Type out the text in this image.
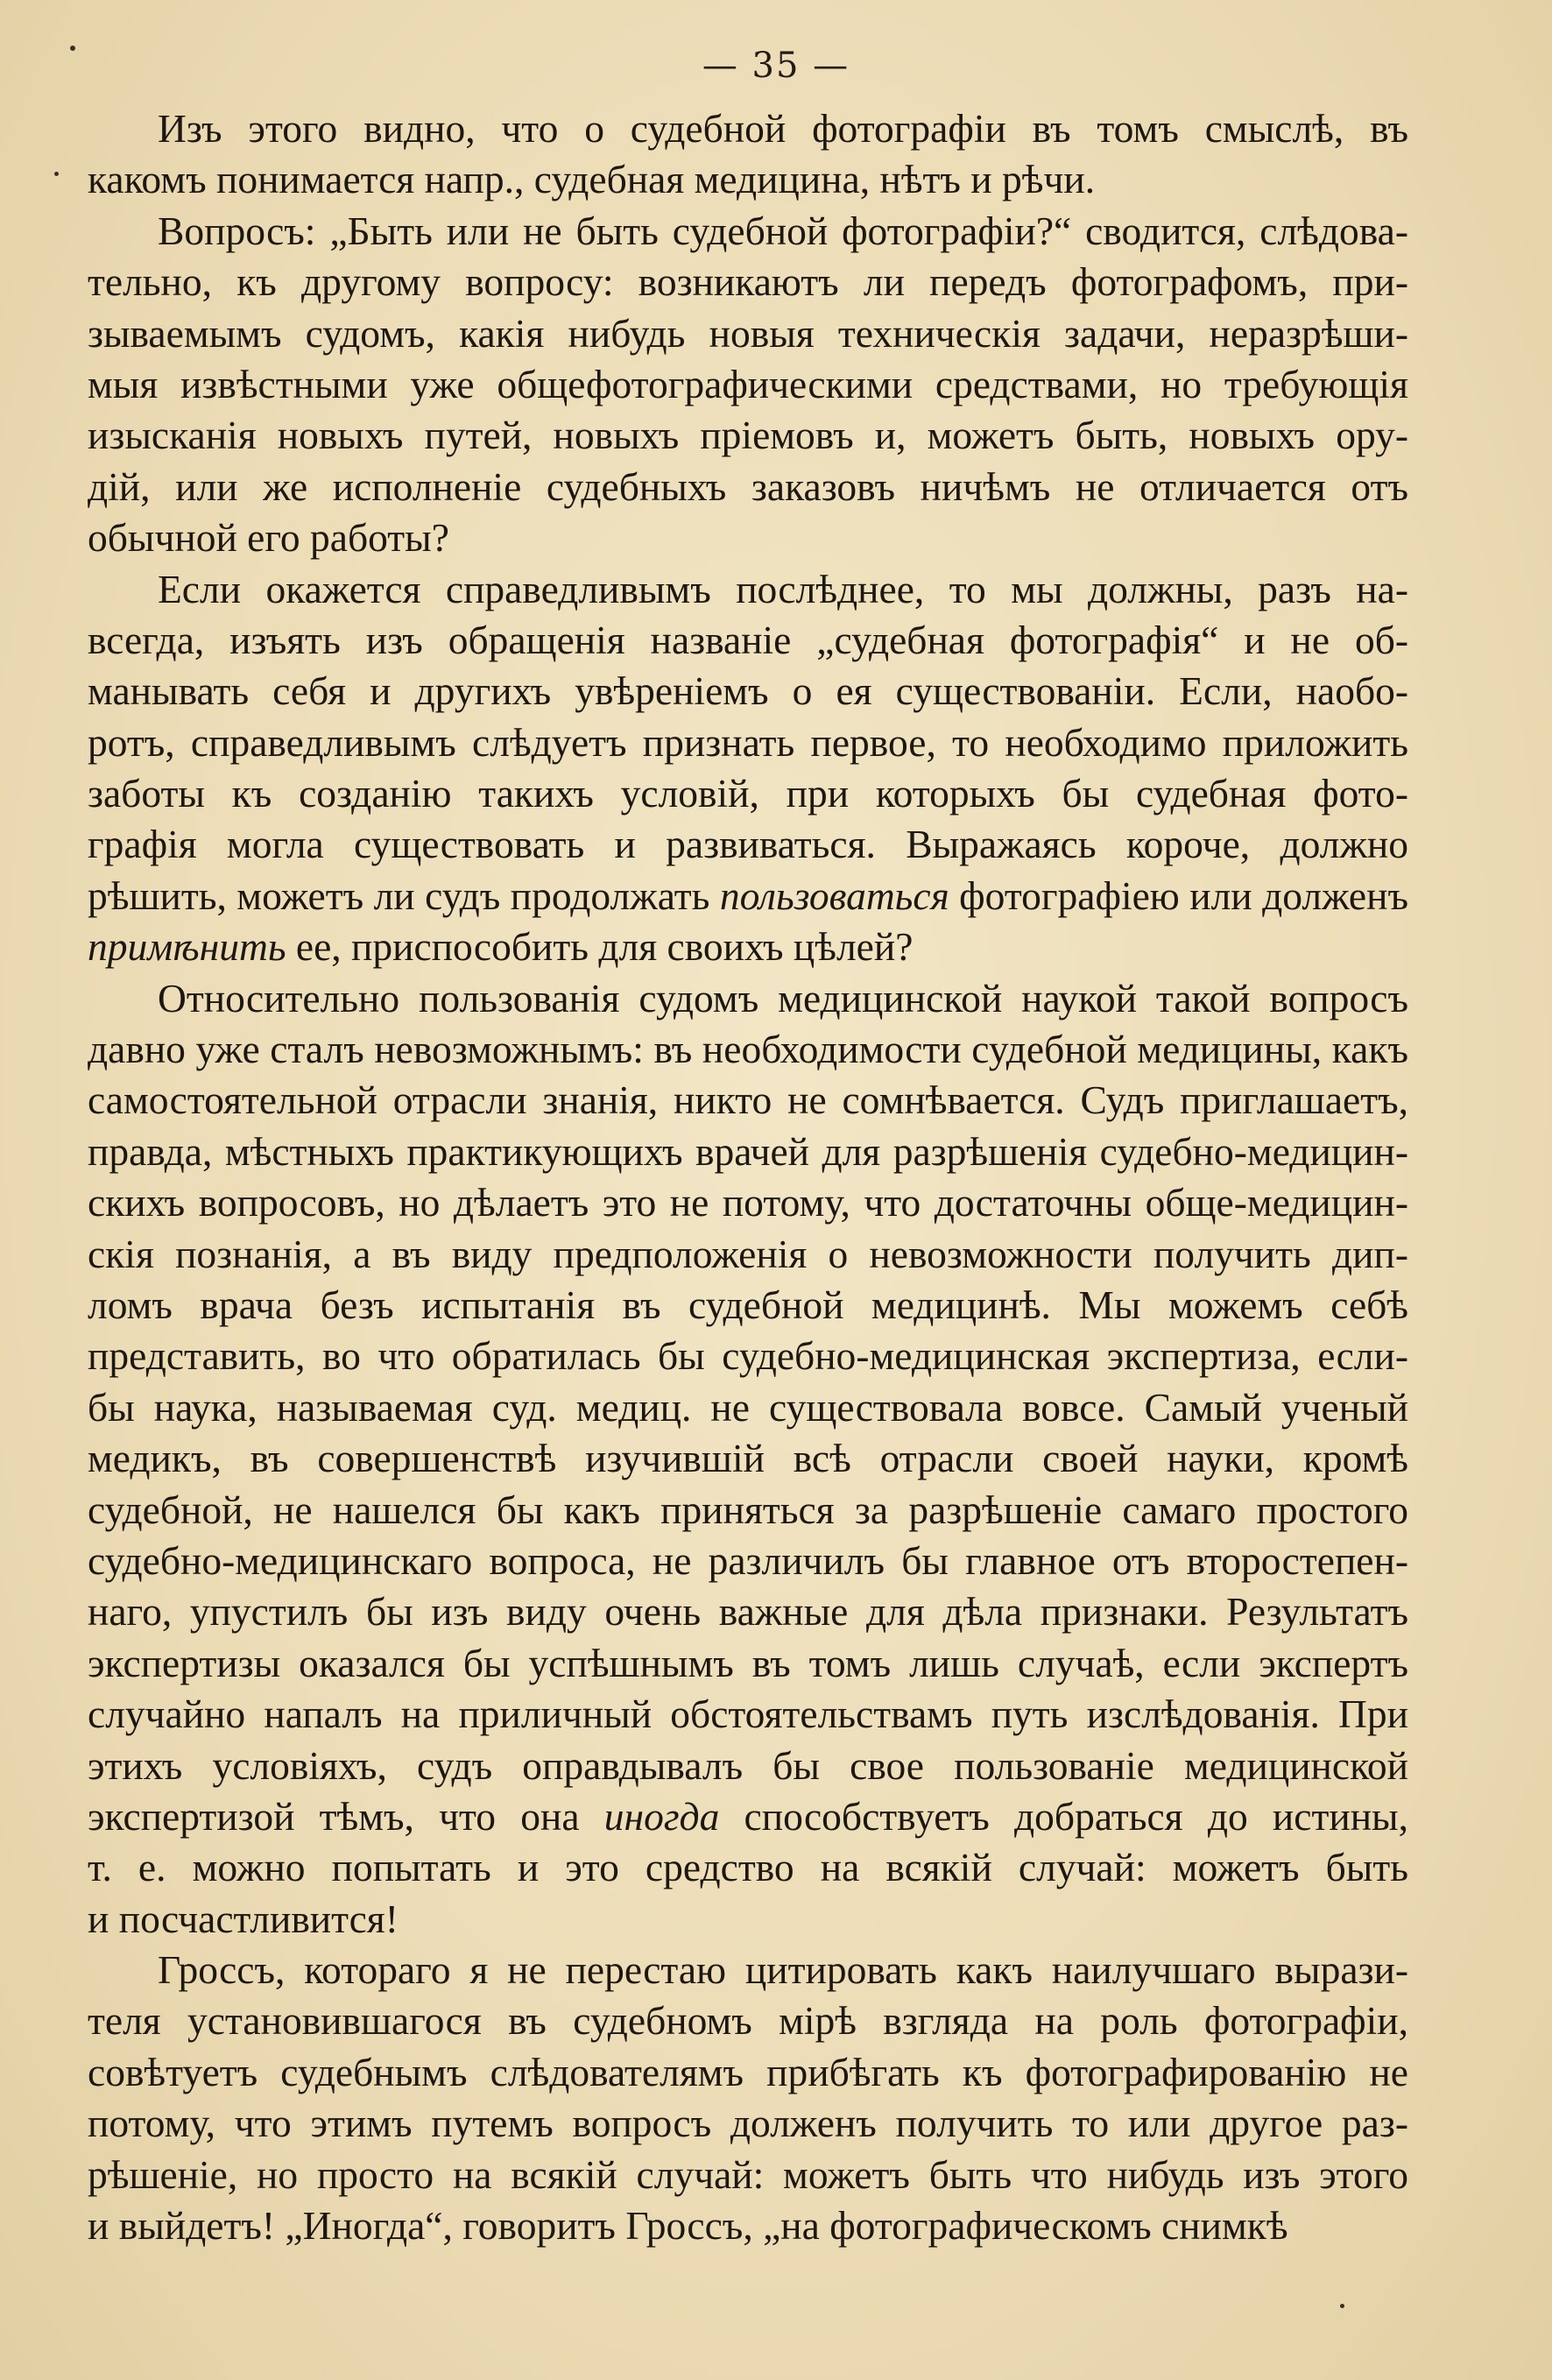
— 35 —
Изъ этого видно, что о судебной фотографіи въ томъ смыслѣ, въ
какомъ понимается напр., судебная медицина, нѣтъ и рѣчи.
Вопросъ: „Быть или не быть судебной фотографіи?“ сводится, слѣдова-
тельно, къ другому вопросу: возникаютъ ли передъ фотографомъ, при-
зываемымъ судомъ, какія нибудь новыя техническія задачи, неразрѣши-
мыя извѣстными уже общефотографическими средствами, но требующія
изысканія новыхъ путей, новыхъ пріемовъ и, можетъ быть, новыхъ ору-
дій, или же исполненіе судебныхъ заказовъ ничѣмъ не отличается отъ
обычной его работы?
Если окажется справедливымъ послѣднее, то мы должны, разъ на-
всегда, изъять изъ обращенія названіе „судебная фотографія“ и не об-
манывать себя и другихъ увѣреніемъ о ея существованіи. Если, наобо-
ротъ, справедливымъ слѣдуетъ признать первое, то необходимо приложить
заботы къ созданію такихъ условій, при которыхъ бы судебная фото-
графія могла существовать и развиваться. Выражаясь короче, должно
рѣшить, можетъ ли судъ продолжать пользоваться фотографіею или долженъ
примѣнить ее, приспособить для своихъ цѣлей?
Относительно пользованія судомъ медицинской наукой такой вопросъ
давно уже сталъ невозможнымъ: въ необходимости судебной медицины, какъ
самостоятельной отрасли знанія, никто не сомнѣвается. Судъ приглашаетъ,
правда, мѣстныхъ практикующихъ врачей для разрѣшенія судебно-медицин-
скихъ вопросовъ, но дѣлаетъ это не потому, что достаточны обще-медицин-
скія познанія, а въ виду предположенія о невозможности получить дип-
ломъ врача безъ испытанія въ судебной медицинѣ. Мы можемъ себѣ
представить, во что обратилась бы судебно-медицинская экспертиза, если-
бы наука, называемая суд. медиц. не существовала вовсе. Самый ученый
медикъ, въ совершенствѣ изучившій всѣ отрасли своей науки, кромѣ
судебной, не нашелся бы какъ приняться за разрѣшеніе самаго простого
судебно-медицинскаго вопроса, не различилъ бы главное отъ второстепен-
наго, упустилъ бы изъ виду очень важные для дѣла признаки. Результатъ
экспертизы оказался бы успѣшнымъ въ томъ лишь случаѣ, если экспертъ
случайно напалъ на приличный обстоятельствамъ путь изслѣдованія. При
этихъ условіяхъ, судъ оправдывалъ бы свое пользованіе медицинской
экспертизой тѣмъ, что она иногда способствуетъ добраться до истины,
т. е. можно попытать и это средство на всякій случай: можетъ быть
и посчастливится!
Гроссъ, котораго я не перестаю цитировать какъ наилучшаго вырази-
теля установившагося въ судебномъ мірѣ взгляда на роль фотографіи,
совѣтуетъ судебнымъ слѣдователямъ прибѣгать къ фотографированію не
потому, что этимъ путемъ вопросъ долженъ получить то или другое раз-
рѣшеніе, но просто на всякій случай: можетъ быть что нибудь изъ этого
и выйдетъ! „Иногда“, говоритъ Гроссъ, „на фотографическомъ снимкѣ
